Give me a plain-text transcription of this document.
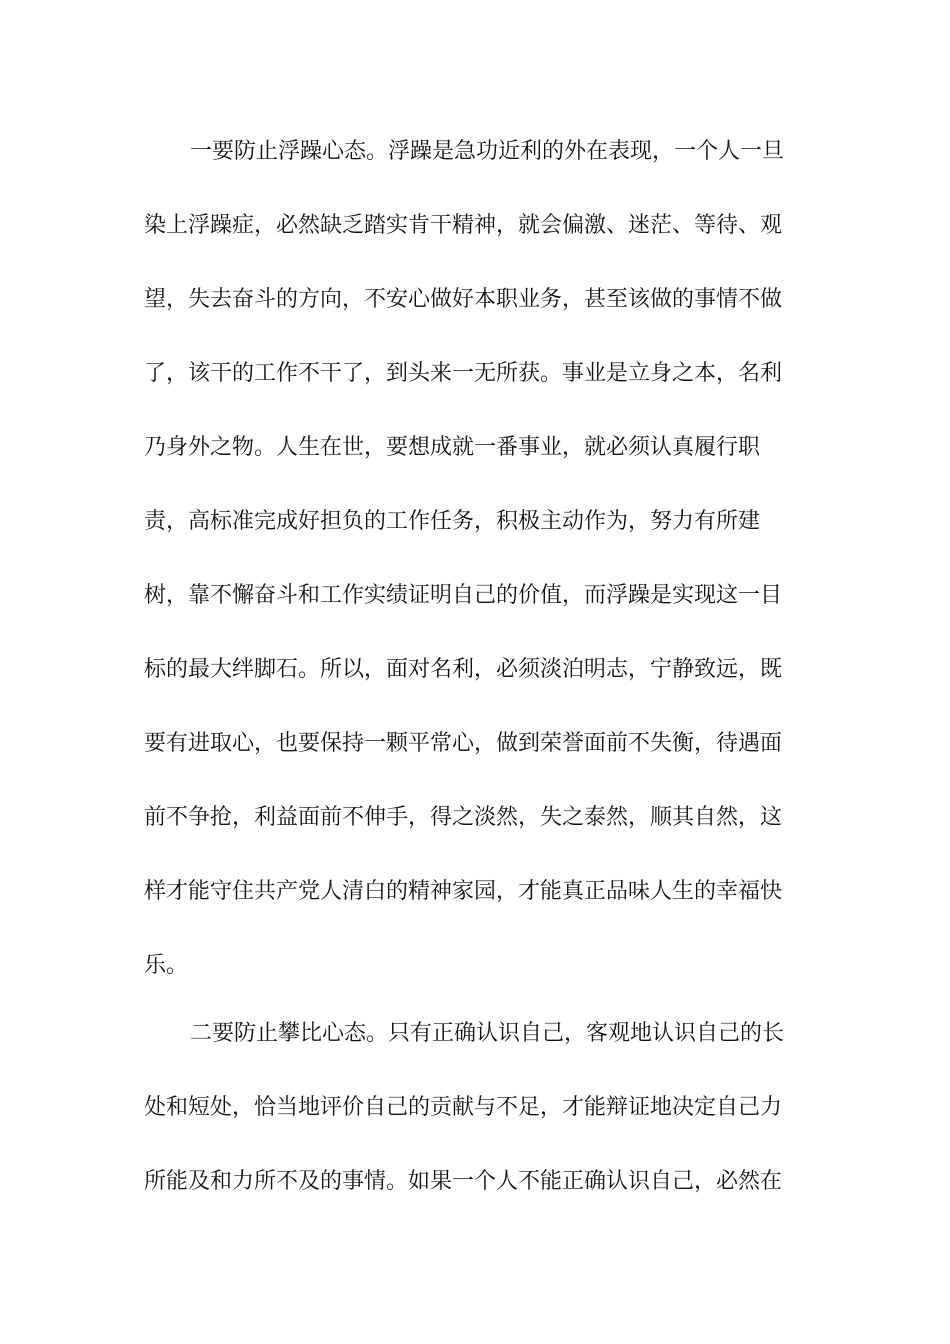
一要防止浮躁心态。浮躁是急功近利的外在表现，一个人一旦

染上浮躁症，必然缺乏踏实肯干精神，就会偏激、迷茫、等待、观

望，失去奋斗的方向，不安心做好本职业务，甚至该做的事情不做

了，该干的工作不干了，到头来一无所获。事业是立身之本，名利

乃身外之物。人生在世，要想成就一番事业，就必须认真履行职

责，高标准完成好担负的工作任务，积极主动作为，努力有所建

树，靠不懈奋斗和工作实绩证明自己的价值，而浮躁是实现这一目

标的最大绊脚石。所以，面对名利，必须淡泊明志，宁静致远，既

要有进取心，也要保持一颗平常心，做到荣誉面前不失衡，待遇面

前不争抢，利益面前不伸手，得之淡然，失之泰然，顺其自然，这

样才能守住共产党人清白的精神家园，才能真正品味人生的幸福快

乐。

二要防止攀比心态。只有正确认识自己，客观地认识自己的长

处和短处，恰当地评价自己的贡献与不足，才能辩证地决定自己力

所能及和力所不及的事情。如果一个人不能正确认识自己，必然在
